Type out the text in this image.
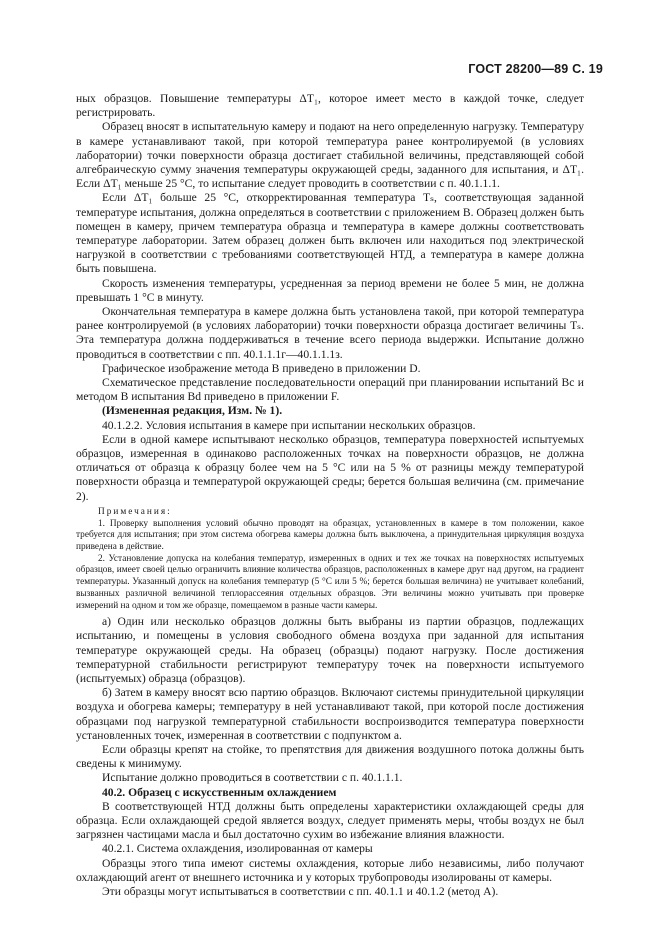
ГОСТ 28200—89 С. 19

ных образцов. Повышение температуры ΔT₁, которое имеет место в каждой точке, следует регистрировать.

Образец вносят в испытательную камеру и подают на него определенную нагрузку. Температуру в камере устанавливают такой, при которой температура ранее контролируемой (в условиях лаборатории) точки поверхности образца достигает стабильной величины, представляющей собой алгебраическую сумму значения температуры окружающей среды, заданного для испытания, и ΔT₁. Если ΔT₁ меньше 25 °С, то испытание следует проводить в соответствии с п. 40.1.1.1.

Если ΔT₁ больше 25 °С, откорректированная температура Tₛ, соответствующая заданной температуре испытания, должна определяться в соответствии с приложением В. Образец должен быть помещен в камеру, причем температура образца и температура в камере должны соответствовать температуре лаборатории. Затем образец должен быть включен или находиться под электрической нагрузкой в соответствии с требованиями соответствующей НТД, а температура в камере должна быть повышена.

Скорость изменения температуры, усредненная за период времени не более 5 мин, не должна превышать 1 °С в минуту.

Окончательная температура в камере должна быть установлена такой, при которой температура ранее контролируемой (в условиях лаборатории) точки поверхности образца достигает величины Tₛ. Эта температура должна поддерживаться в течение всего периода выдержки. Испытание должно проводиться в соответствии с пп. 40.1.1.1г—40.1.1.1з.

Графическое изображение метода В приведено в приложении D.

Схематическое представление последовательности операций при планировании испытаний Вс и методом В испытания Bd приведено в приложении F.

(Измененная редакция, Изм. № 1).

40.1.2.2. Условия испытания в камере при испытании нескольких образцов.

Если в одной камере испытывают несколько образцов, температура поверхностей испытуемых образцов, измеренная в одинаково расположенных точках на поверхности образцов, не должна отличаться от образца к образцу более чем на 5 °С или на 5 % от разницы между температурой поверхности образца и температурой окружающей среды; берется большая величина (см. примечание 2).

Примечания:

1. Проверку выполнения условий обычно проводят на образцах, установленных в камере в том положении, какое требуется для испытания; при этом система обогрева камеры должна быть выключена, а принудительная циркуляция воздуха приведена в действие.

2. Установление допуска на колебания температур, измеренных в одних и тех же точках на поверхностях испытуемых образцов, имеет своей целью ограничить влияние количества образцов, расположенных в камере друг над другом, на градиент температуры. Указанный допуск на колебания температур (5 °С или 5 %; берется большая величина) не учитывает колебаний, вызванных различной величиной теплорассеяния отдельных образцов. Эти величины можно учитывать при проверке измерений на одном и том же образце, помещаемом в разные части камеры.

а) Один или несколько образцов должны быть выбраны из партии образцов, подлежащих испытанию, и помещены в условия свободного обмена воздуха при заданной для испытания температуре окружающей среды. На образец (образцы) подают нагрузку. После достижения температурной стабильности регистрируют температуру точек на поверхности испытуемого (испытуемых) образца (образцов).

б) Затем в камеру вносят всю партию образцов. Включают системы принудительной циркуляции воздуха и обогрева камеры; температуру в ней устанавливают такой, при которой после достижения образцами под нагрузкой температурной стабильности воспроизводится температура поверхности установленных точек, измеренная в соответствии с подпунктом а.

Если образцы крепят на стойке, то препятствия для движения воздушного потока должны быть сведены к минимуму.

Испытание должно проводиться в соответствии с п. 40.1.1.1.

40.2. Образец с искусственным охлаждением

В соответствующей НТД должны быть определены характеристики охлаждающей среды для образца. Если охлаждающей средой является воздух, следует применять меры, чтобы воздух не был загрязнен частицами масла и был достаточно сухим во избежание влияния влажности.

40.2.1. Система охлаждения, изолированная от камеры

Образцы этого типа имеют системы охлаждения, которые либо независимы, либо получают охлаждающий агент от внешнего источника и у которых трубопроводы изолированы от камеры.

Эти образцы могут испытываться в соответствии с пп. 40.1.1 и 40.1.2 (метод А).
